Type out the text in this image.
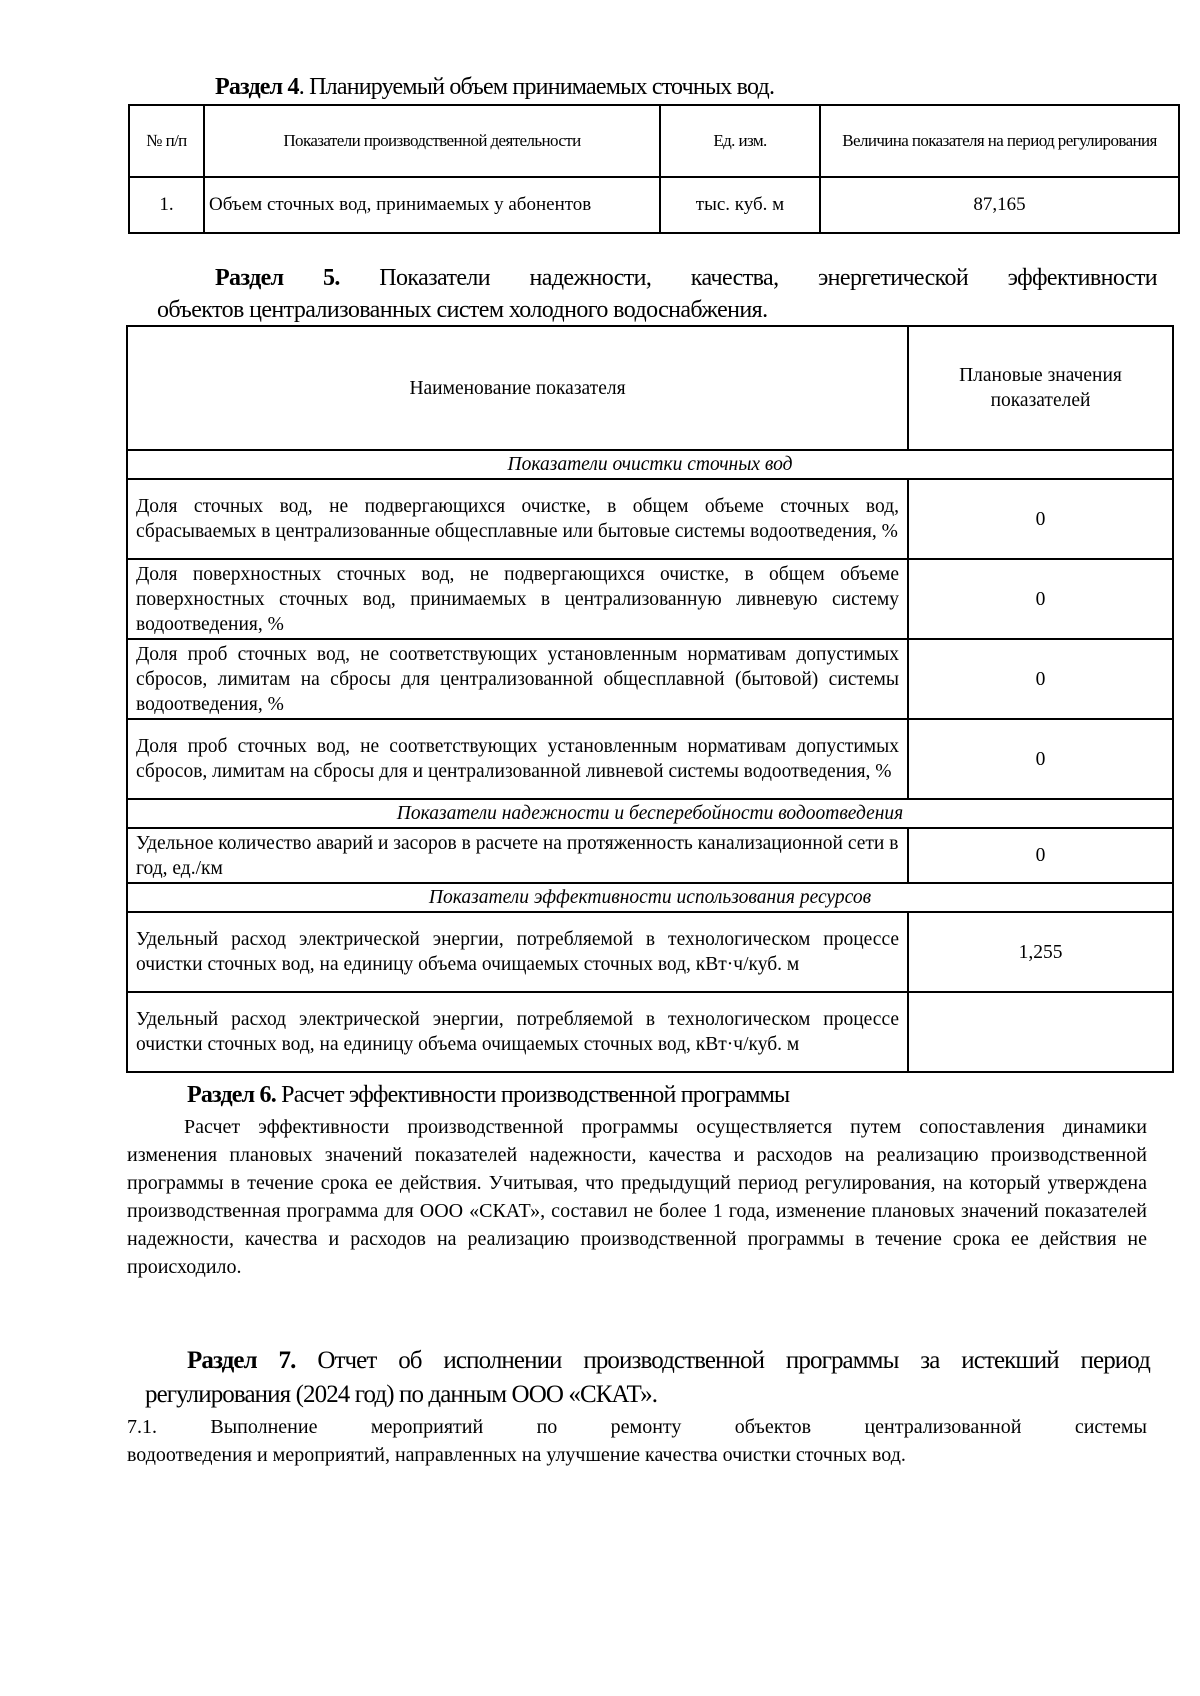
Раздел 4. Планируемый объем принимаемых сточных вод.
№ п/п	Показатели производственной деятельности	Ед. изм.	Величина показателя на период регулирования
1.	Объем сточных вод, принимаемых у абонентов	тыс. куб. м	87,165
Раздел 5. Показатели надежности, качества, энергетической эффективности
объектов централизованных систем холодного водоснабжения.
Наименование показателя	Плановые значения показателей
Показатели очистки сточных вод	
Доля сточных вод, не подвергающихся очистке, в общем объеме сточных вод, сбрасываемых в централизованные общесплавные или бытовые системы водоотведения, %	0
Доля поверхностных сточных вод, не подвергающихся очистке, в общем объеме поверхностных сточных вод, принимаемых в централизованную ливневую систему водоотведения, %	0
Доля проб сточных вод, не соответствующих установленным нормативам допустимых сбросов, лимитам на сбросы для централизованной общесплавной (бытовой) системы водоотведения, %	0
Доля проб сточных вод, не соответствующих установленным нормативам допустимых сбросов, лимитам на сбросы для и централизованной ливневой системы водоотведения, %	0
Показатели надежности и бесперебойности водоотведения	
Удельное количество аварий и засоров в расчете на протяженность канализационной сети в год, ед./км	0
Показатели эффективности использования ресурсов	
Удельный расход электрической энергии, потребляемой в технологическом процессе очистки сточных вод, на единицу объема очищаемых сточных вод, кВт·ч/куб. м	1,255
Удельный расход электрической энергии, потребляемой в технологическом процессе очистки сточных вод, на единицу объема очищаемых сточных вод, кВт·ч/куб. м	
Раздел 6. Расчет эффективности производственной программы
Расчет эффективности производственной программы осуществляется путем сопоставления динамики изменения плановых значений показателей надежности, качества и расходов на реализацию производственной программы в течение срока ее действия. Учитывая, что предыдущий период регулирования, на который утверждена производственная программа для ООО «СКАТ», составил не более 1 года, изменение плановых значений показателей надежности, качества и расходов на реализацию производственной программы в течение срока ее действия не происходило.
Раздел 7. Отчет об исполнении производственной программы за истекший период
регулирования (2024 год) по данным ООО «СКАТ».
7.1. Выполнение мероприятий по ремонту объектов централизованной системы
водоотведения и мероприятий, направленных на улучшение качества очистки сточных вод.
